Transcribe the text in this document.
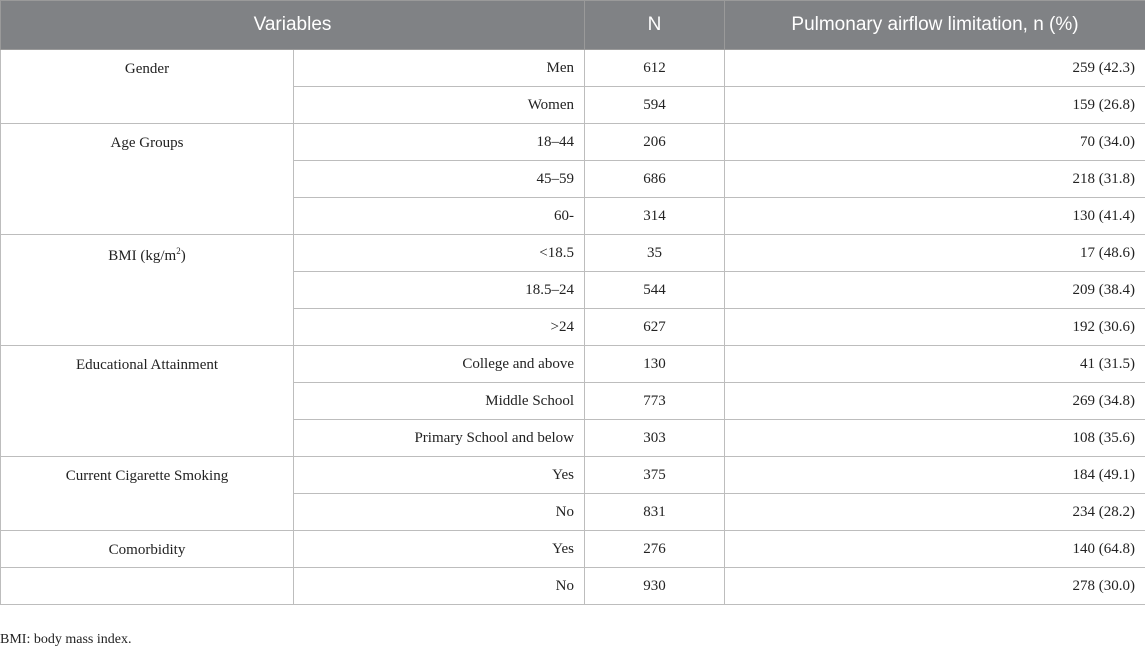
Variables		N	Pulmonary airflow limitation, n (%)
Gender	Men	612	259 (42.3)
	Women	594	159 (26.8)
Age Groups	18–44	206	70 (34.0)
	45–59	686	218 (31.8)
	60-	314	130 (41.4)
BMI $(kg/m^2)$	<18.5	35	17 (48.6)
	18.5–24	544	209 (38.4)
	>24	627	192 (30.6)
Educational Attainment	College and above	130	41 (31.5)
	Middle School	773	269 (34.8)
	Primary School and below	303	108 (35.6)
Current Cigarette Smoking	Yes	375	184 (49.1)
	No	831	234 (28.2)
Comorbidity	Yes	276	140 (64.8)
	No	930	278 (30.0)
BMI: body mass index.
